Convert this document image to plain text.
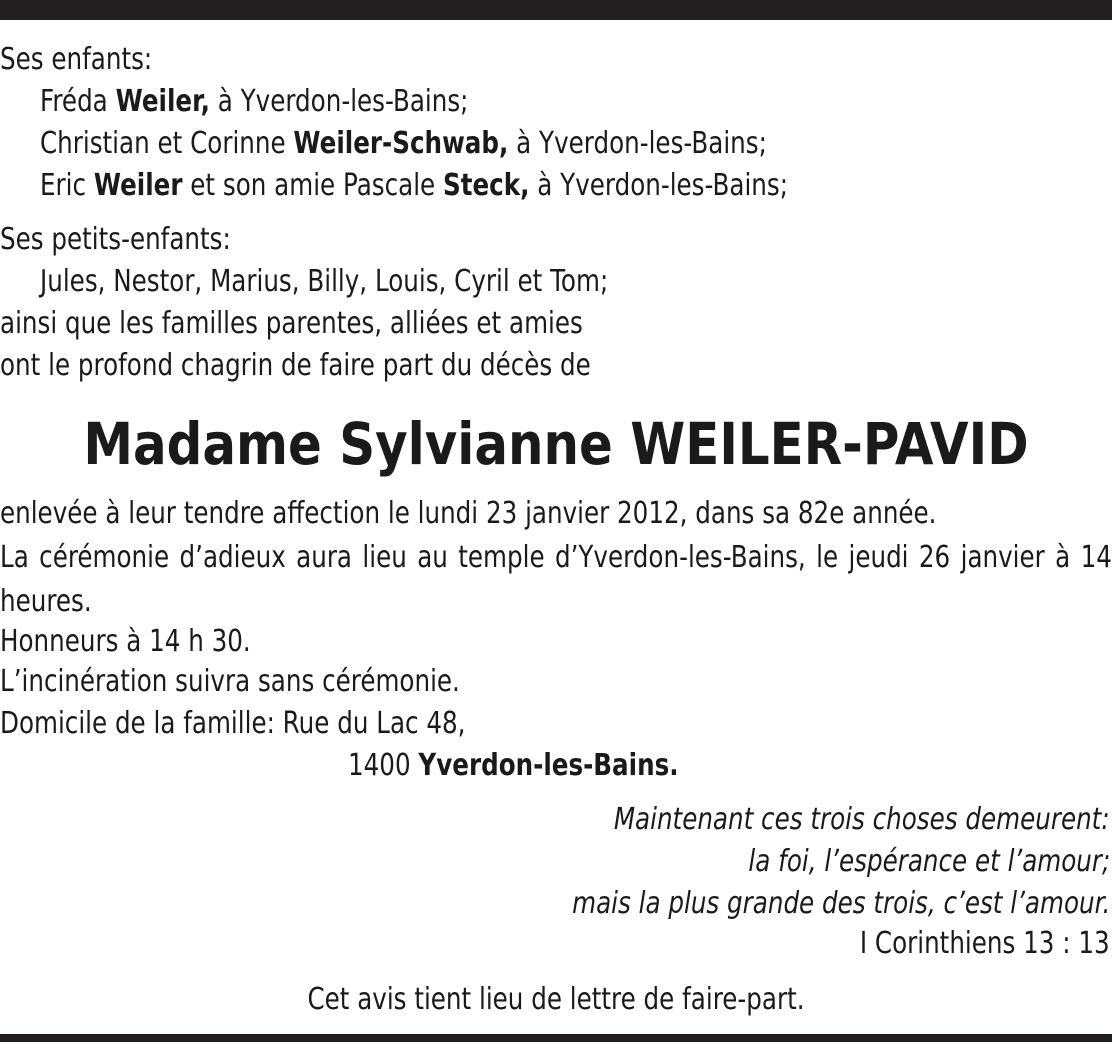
Ses enfants:
Fréda Weiler, à Yverdon-les-Bains;
Christian et Corinne Weiler-Schwab, à Yverdon-les-Bains;
Eric Weiler et son amie Pascale Steck, à Yverdon-les-Bains;
Ses petits-enfants:
Jules, Nestor, Marius, Billy, Louis, Cyril et Tom;
ainsi que les familles parentes, alliées et amies
ont le profond chagrin de faire part du décès de
Madame Sylvianne WEILER-PAVID
enlevée à leur tendre affection le lundi 23 janvier 2012, dans sa 82e année.
La cérémonie d’adieux aura lieu au temple d’Yverdon-les-Bains, le jeudi 26 janvier à 14 heures.
Honneurs à 14 h 30.
L’incinération suivra sans cérémonie.
Domicile de la famille: Rue du Lac 48,
1400 Yverdon-les-Bains.
Maintenant ces trois choses demeurent:
la foi, l’espérance et l’amour;
mais la plus grande des trois, c’est l’amour.
I Corinthiens 13 : 13
Cet avis tient lieu de lettre de faire-part.
